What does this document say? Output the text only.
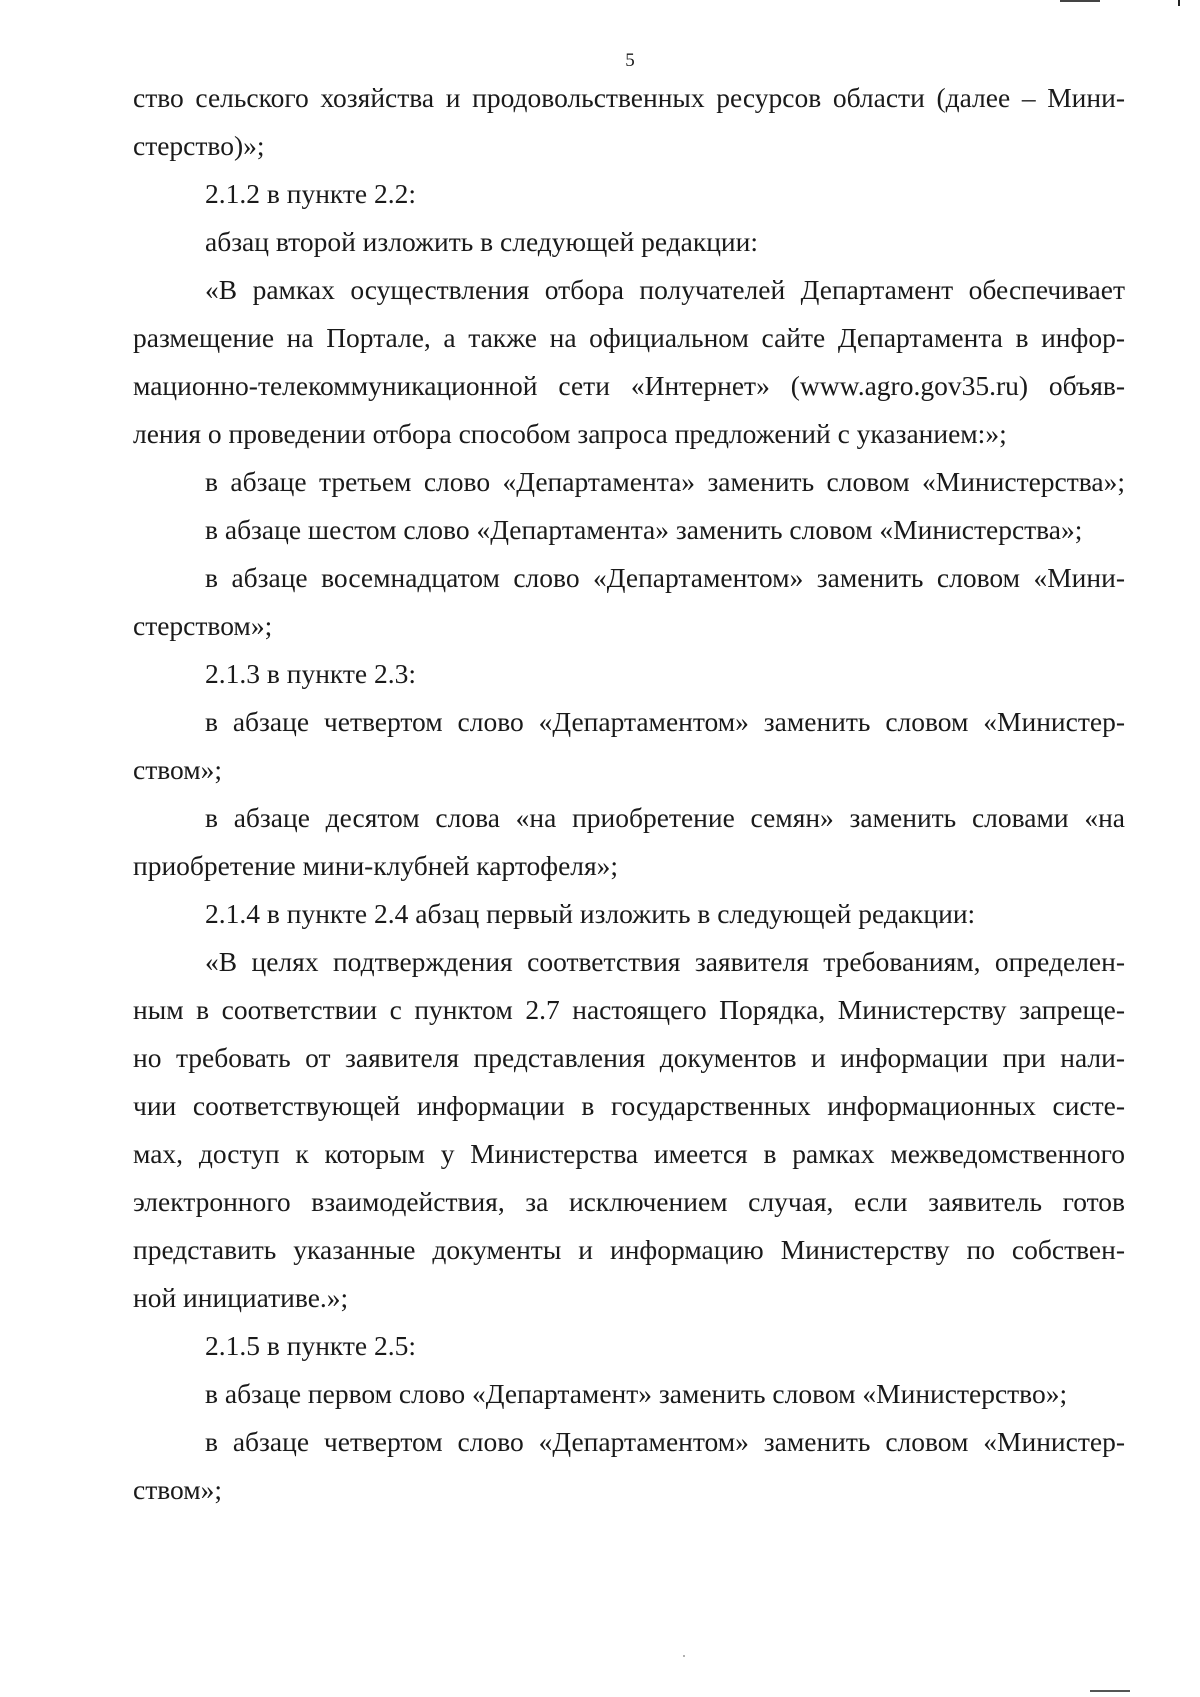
5
ство сельского хозяйства и продовольственных ресурсов области (далее – Мини-
стерство)»;
2.1.2 в пункте 2.2:
абзац второй изложить в следующей редакции:
«В рамках осуществления отбора получателей Департамент обеспечивает
размещение на Портале, а также на официальном сайте Департамента в инфор-
мационно-телекоммуникационной сети «Интернет» (www.agro.gov35.ru) объяв-
ления о проведении отбора способом запроса предложений с указанием:»;
в абзаце третьем слово «Департамента» заменить словом «Министерства»;
в абзаце шестом слово «Департамента» заменить словом «Министерства»;
в абзаце восемнадцатом слово «Департаментом» заменить словом «Мини-
стерством»;
2.1.3 в пункте 2.3:
в абзаце четвертом слово «Департаментом» заменить словом «Министер-
ством»;
в абзаце десятом слова «на приобретение семян» заменить словами «на
приобретение мини-клубней картофеля»;
2.1.4 в пункте 2.4 абзац первый изложить в следующей редакции:
«В целях подтверждения соответствия заявителя требованиям, определен-
ным в соответствии с пунктом 2.7 настоящего Порядка, Министерству запреще-
но требовать от заявителя представления документов и информации при нали-
чии соответствующей информации в государственных информационных систе-
мах, доступ к которым у Министерства имеется в рамках межведомственного
электронного взаимодействия, за исключением случая, если заявитель готов
представить указанные документы и информацию Министерству по собствен-
ной инициативе.»;
2.1.5 в пункте 2.5:
в абзаце первом слово «Департамент» заменить словом «Министерство»;
в абзаце четвертом слово «Департаментом» заменить словом «Министер-
ством»;
